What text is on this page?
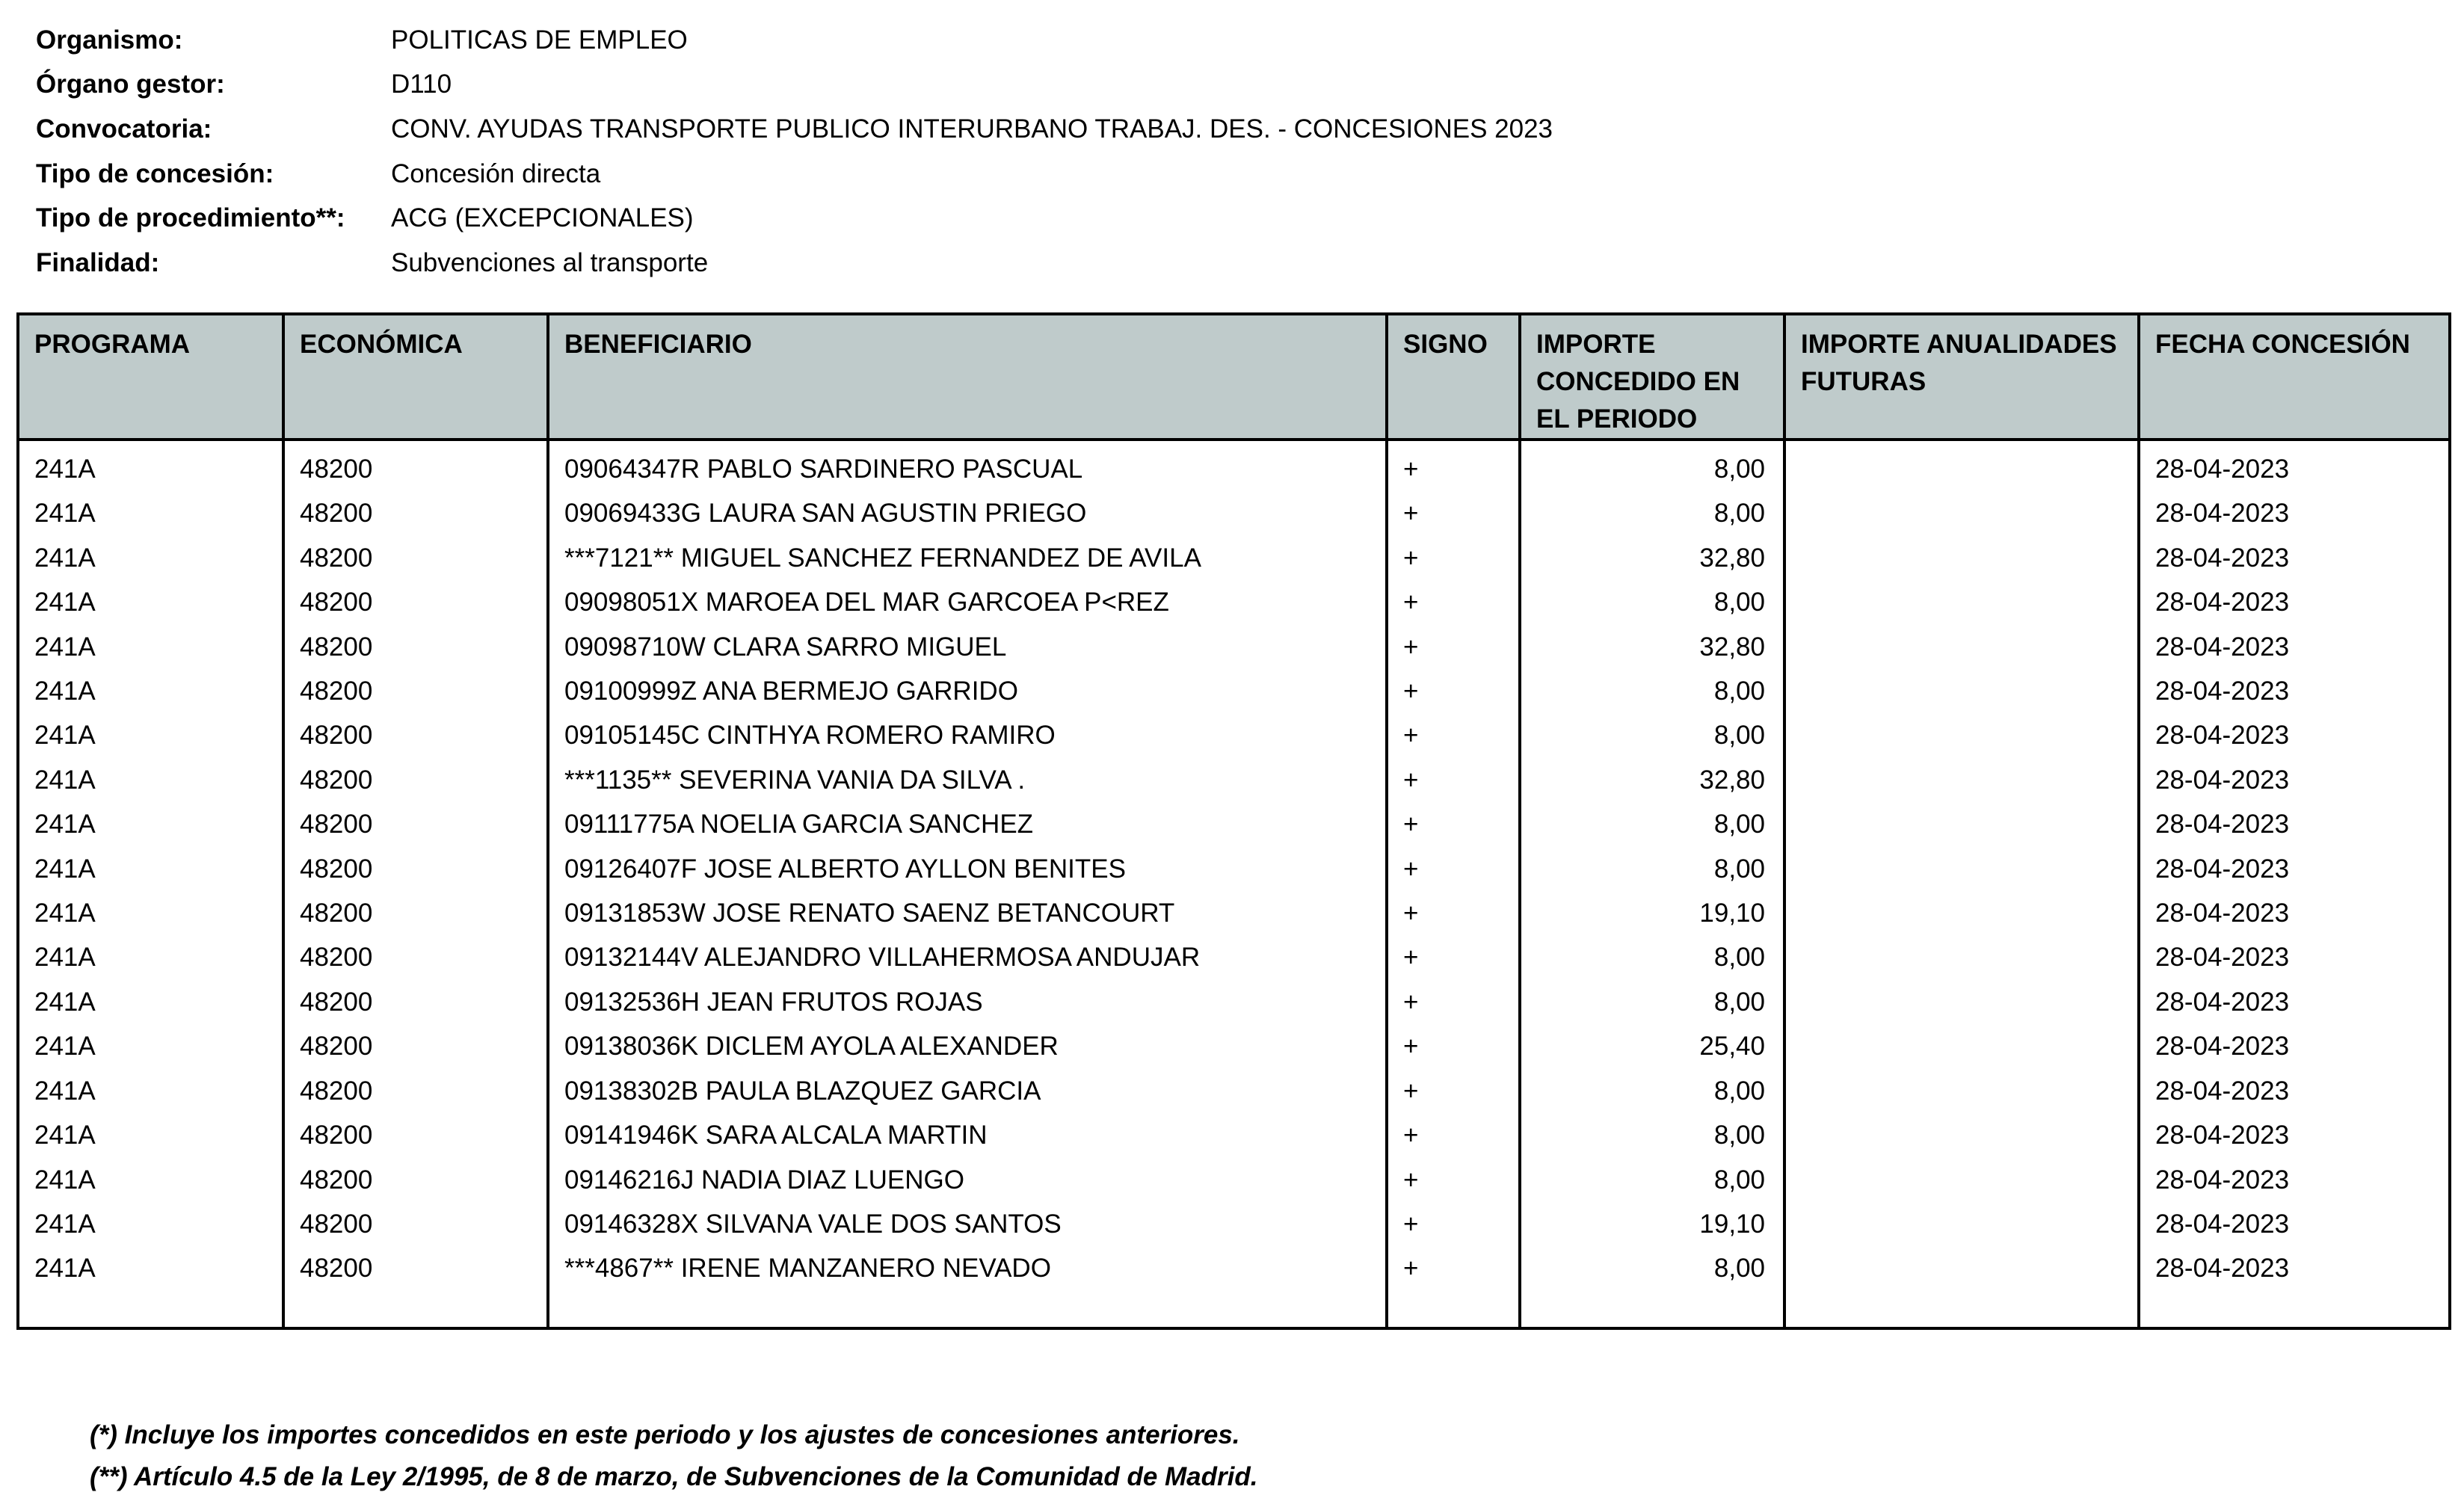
Organismo:	POLITICAS DE EMPLEO
Órgano gestor:	D110
Convocatoria:	CONV. AYUDAS TRANSPORTE PUBLICO INTERURBANO TRABAJ. DES. - CONCESIONES 2023
Tipo de concesión:	Concesión directa
Tipo de procedimiento**:	ACG (EXCEPCIONALES)
Finalidad:	Subvenciones al transporte
PROGRAMA	ECONÓMICA	BENEFICIARIO	SIGNO	IMPORTE CONCEDIDO EN EL PERIODO	IMPORTE ANUALIDADES FUTURAS	FECHA CONCESIÓN
241A	48200	09064347R PABLO SARDINERO PASCUAL	+	8,00		28-04-2023
241A	48200	09069433G LAURA SAN AGUSTIN PRIEGO	+	8,00		28-04-2023
241A	48200	***7121** MIGUEL SANCHEZ FERNANDEZ DE AVILA	+	32,80		28-04-2023
241A	48200	09098051X MAROEA DEL MAR GARCOEA P<REZ	+	8,00		28-04-2023
241A	48200	09098710W CLARA SARRO MIGUEL	+	32,80		28-04-2023
241A	48200	09100999Z ANA BERMEJO GARRIDO	+	8,00		28-04-2023
241A	48200	09105145C CINTHYA ROMERO RAMIRO	+	8,00		28-04-2023
241A	48200	***1135** SEVERINA VANIA DA SILVA .	+	32,80		28-04-2023
241A	48200	09111775A NOELIA GARCIA SANCHEZ	+	8,00		28-04-2023
241A	48200	09126407F JOSE ALBERTO AYLLON BENITES	+	8,00		28-04-2023
241A	48200	09131853W JOSE RENATO SAENZ BETANCOURT	+	19,10		28-04-2023
241A	48200	09132144V ALEJANDRO VILLAHERMOSA ANDUJAR	+	8,00		28-04-2023
241A	48200	09132536H JEAN FRUTOS ROJAS	+	8,00		28-04-2023
241A	48200	09138036K DICLEM AYOLA ALEXANDER	+	25,40		28-04-2023
241A	48200	09138302B PAULA BLAZQUEZ GARCIA	+	8,00		28-04-2023
241A	48200	09141946K SARA ALCALA MARTIN	+	8,00		28-04-2023
241A	48200	09146216J NADIA DIAZ LUENGO	+	8,00		28-04-2023
241A	48200	09146328X SILVANA VALE DOS SANTOS	+	19,10		28-04-2023
241A	48200	***4867** IRENE MANZANERO NEVADO	+	8,00		28-04-2023

(*) Incluye los importes concedidos en este periodo y los ajustes de concesiones anteriores.
(**) Artículo 4.5 de la Ley 2/1995, de 8 de marzo, de Subvenciones de la Comunidad de Madrid.
